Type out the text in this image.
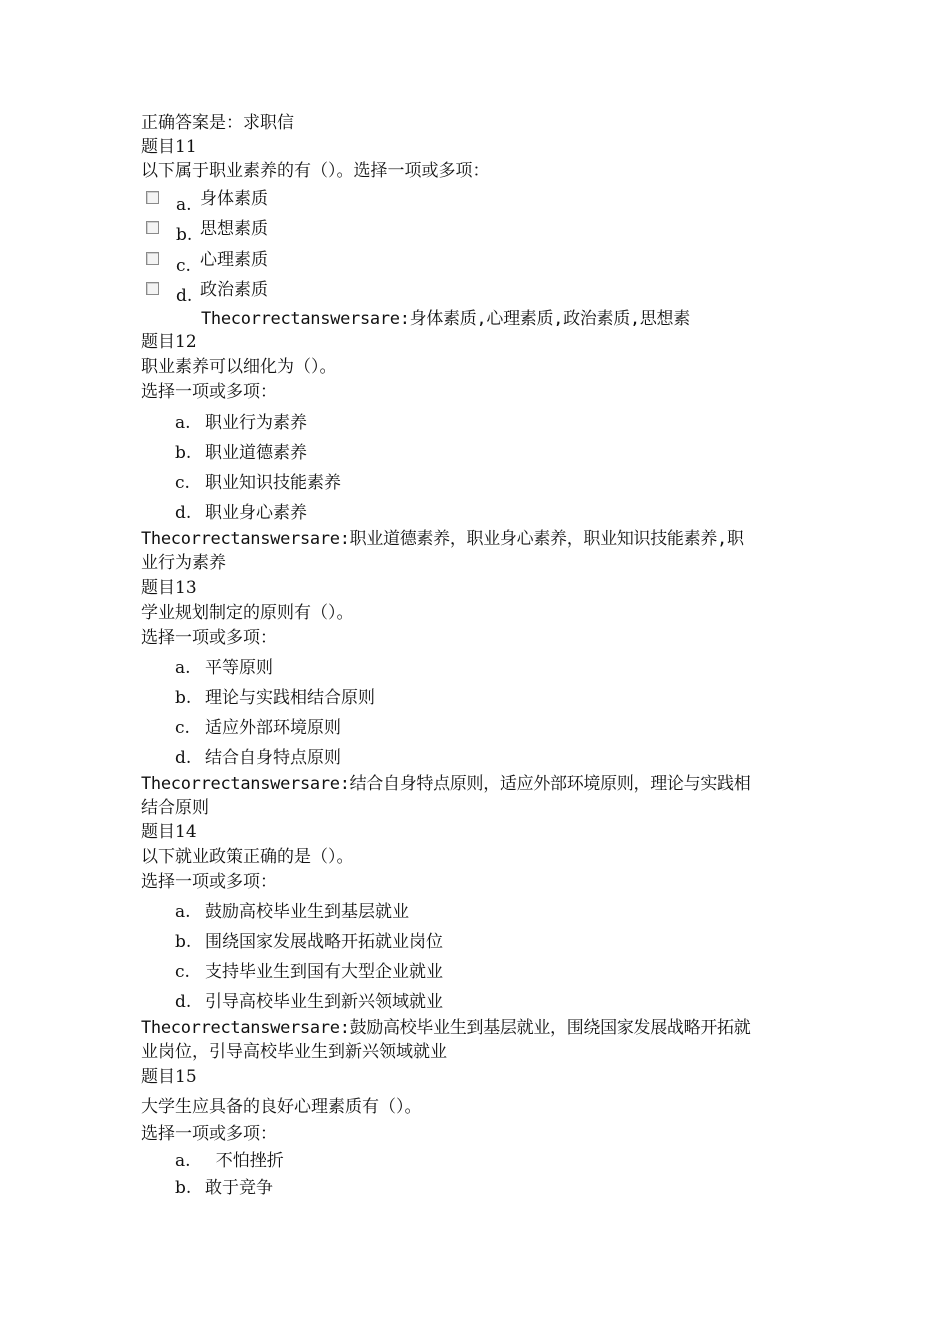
正确答案是：求职信
题目11
以下属于职业素养的有（）。选择一项或多项：
a. 身体素质
b. 思想素质
c. 心理素质
d. 政治素质
Thecorrectanswersare:身体素质,心理素质,政治素质,思想素
题目12
职业素养可以细化为（）。
选择一项或多项：
a. 职业行为素养
b. 职业道德素养
c. 职业知识技能素养
d. 职业身心素养
Thecorrectanswersare:职业道德素养，职业身心素养，职业知识技能素养,职
业行为素养
题目13
学业规划制定的原则有（）。
选择一项或多项：
a. 平等原则
b. 理论与实践相结合原则
c. 适应外部环境原则
d. 结合自身特点原则
Thecorrectanswersare:结合自身特点原则，适应外部环境原则，理论与实践相
结合原则
题目14
以下就业政策正确的是（）。
选择一项或多项：
a. 鼓励高校毕业生到基层就业
b. 围绕国家发展战略开拓就业岗位
c. 支持毕业生到国有大型企业就业
d. 引导高校毕业生到新兴领域就业
Thecorrectanswersare:鼓励高校毕业生到基层就业，围绕国家发展战略开拓就
业岗位，引导高校毕业生到新兴领域就业
题目15
大学生应具备的良好心理素质有（）。
选择一项或多项：
a.  不怕挫折
b. 敢于竞争
